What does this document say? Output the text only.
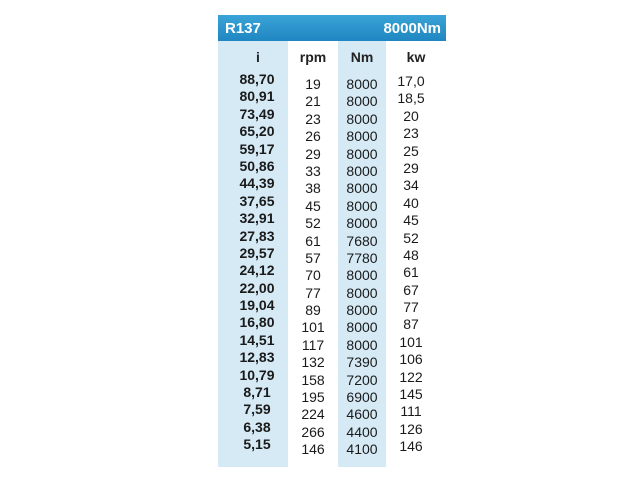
R137	8000Nm
i	rpm	Nm	kw
88,70	19	8000	17,0
80,91	21	8000	18,5
73,49	23	8000	20
65,20	26	8000	23
59,17	29	8000	25
50,86	33	8000	29
44,39	38	8000	34
37,65	45	8000	40
32,91	52	8000	45
27,83	61	7680	52
29,57	57	7780	48
24,12	70	8000	61
22,00	77	8000	67
19,04	89	8000	77
16,80	101	8000	87
14,51	117	8000	101
12,83	132	7390	106
10,79	158	7200	122
8,71	195	6900	145
7,59	224	4600	111
6,38	266	4400	126
5,15	146	4100	146
